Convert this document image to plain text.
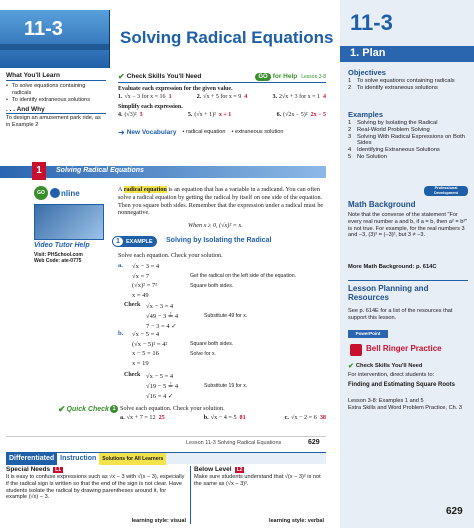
11-3	Solving Radical Equations
What You'll Learn
• To solve equations containing radicals
• To identify extraneous solutions
. . . And Why
To design an amusement park ride, as in Example 2
✔ Check Skills You'll Need	GO for Help Lesson 3-8
Evaluate each expression for the given value.
1. √x − 3 for x = 16 1	2. √x + 5 for x = 9 4	3. 2√x + 3 for x = 1 4
Simplify each expression.
4. (√3)² 3	5. (√x + 1)² x + 1	6. (√2x − 5)² 2x − 5
➜ New Vocabulary • radical equation • extraneous solution
1	Solving Radical Equations
GO	nline
Video Tutor Help
Visit: PHSchool.com
Web Code: ate-0775
A radical equation is an equation that has a variable in a radicand. You can often solve a radical equation by getting the radical by itself on one side of the equation. Then you square both sides. Remember that the expression under a radical must be nonnegative.
When x ≥ 0, (√x)² = x.
1	EXAMPLE Solving by Isolating the Radical
Solve each equation. Check your solution.
a. √x − 3 = 4
√x = 7	Get the radical on the left side of the equation.
(√x)² = 7²	Square both sides.
x = 49
Check √x − 3 = 4
√49 − 3 ≟ 4	Substitute 49 for x.
7 − 3 = 4 ✓
b. √x − 5 = 4
(√x − 5)² = 4²	Square both sides.
x − 5 = 16	Solve for x.
x = 19
Check √x − 5 = 4
√19 − 5 ≟ 4	Substitute 19 for x.
√16 = 4 ✓
✔ Quick Check 1 Solve each equation. Check your solution.
a. √x + 7 = 12 25	b. √x − 4 = 5 81	c. √x − 2 = 6 38
Lesson 11-3 Solving Radical Equations	629
Differentiated Instruction	Solutions for All Learners
Special Needs	L1
It is easy to confuse expressions such as √x − 3 with √(x − 3), especially if the radical sign is written so that the end of the sign is not clear. Have students isolate the radical by drawing parentheses around it, for example (√x) − 3.
learning style: visual
Below Level	L2
Make sure students understand that √(x − 3)² is not the same as (√x − 3)².
learning style: verbal
11-3
1. Plan
Objectives
1 To solve equations containing radicals
2 To identify extraneous solutions
Examples
1 Solving by Isolating the Radical
2 Real-World Problem Solving
3 Solving With Radical Expressions on Both Sides
4 Identifying Extraneous Solutions
5 No Solution
Professional Development
Math Background
Note that the converse of the statement "For every real number a and b, if a = b, then a² = b²" is not true. For example, for the real numbers 3 and −3, (3)² = (−3)², but 3 ≠ −3.
More Math Background: p. 614C
Lesson Planning and Resources
See p. 614E for a list of the resources that support this lesson.
PowerPoint
Bell Ringer Practice
✔ Check Skills You'll Need
For intervention, direct students to:
Finding and Estimating Square Roots
Lesson 3-8: Examples 1 and 5
Extra Skills and Word Problem Practice, Ch. 3
629
